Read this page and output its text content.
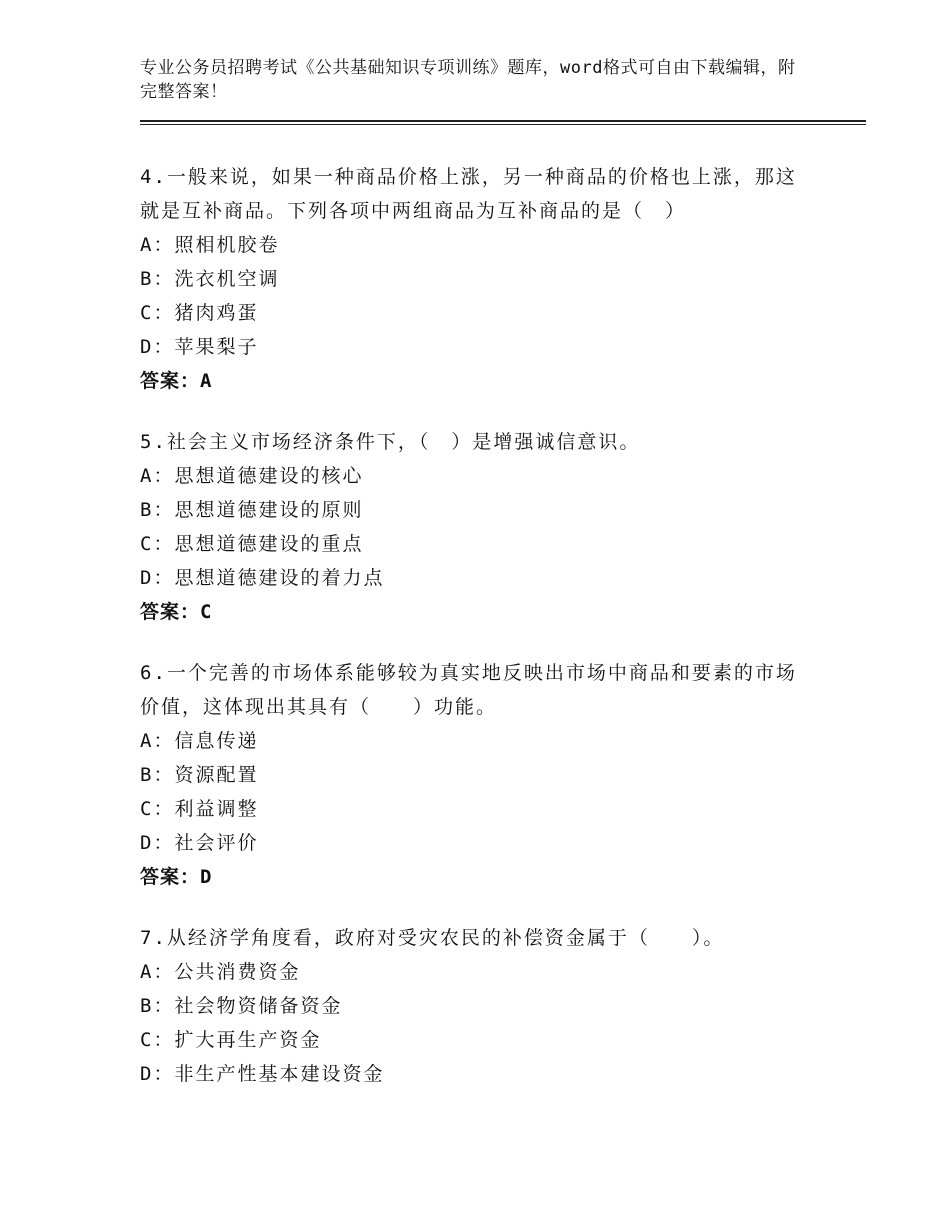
专业公务员招聘考试《公共基础知识专项训练》题库，word格式可自由下载编辑，附完整答案！
4.一般来说，如果一种商品价格上涨，另一种商品的价格也上涨，那这就是互补商品。下列各项中两组商品为互补商品的是（　）
A：照相机胶卷
B：洗衣机空调
C：猪肉鸡蛋
D：苹果梨子
答案：A
5.社会主义市场经济条件下，（　）是增强诚信意识。
A：思想道德建设的核心
B：思想道德建设的原则
C：思想道德建设的重点
D：思想道德建设的着力点
答案：C
6.一个完善的市场体系能够较为真实地反映出市场中商品和要素的市场价值，这体现出其具有（　　）功能。
A：信息传递
B：资源配置
C：利益调整
D：社会评价
答案：D
7.从经济学角度看，政府对受灾农民的补偿资金属于（　　）。
A：公共消费资金
B：社会物资储备资金
C：扩大再生产资金
D：非生产性基本建设资金
